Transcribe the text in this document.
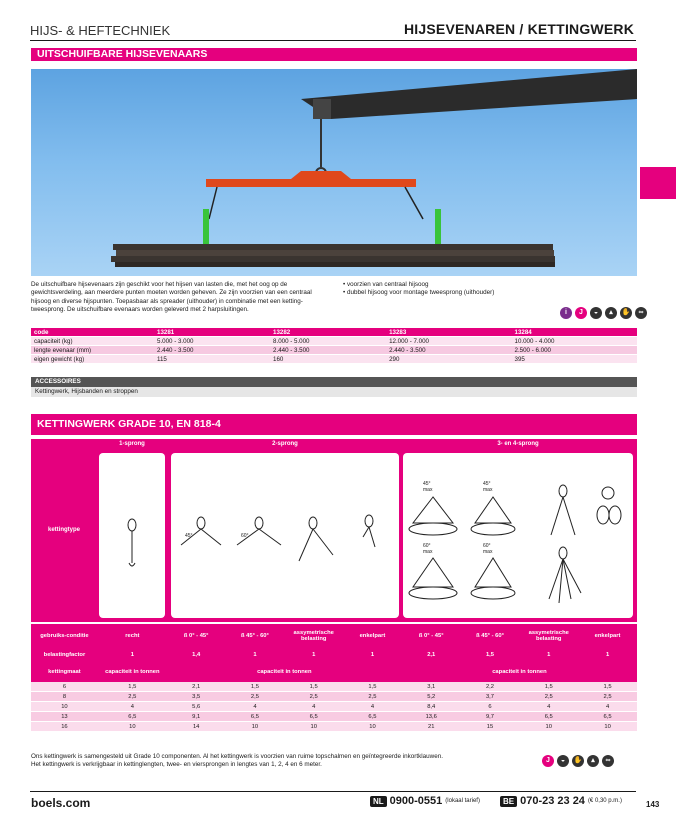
HIJS- & HEFTECHNIEK	HIJSEVENAREN / KETTINGWERK
UITSCHUIFBARE HIJSEVENAARS
De uitschuifbare hijsevenaars zijn geschikt voor het hijsen van lasten die, met het oog op de gewichtsverdeling, aan meerdere punten moeten worden geheven. Ze zijn voorzien van een centraal hijsoog en diverse hijspunten. Toepasbaar als spreader (uithouder) in combinatie met een ketting-tweesprong. De uitschuifbare evenaars worden geleverd met 2 harpsluitingen.
• voorzien van centraal hijsoog
• dubbel hijsoog voor montage tweesprong (uithouder)
i	J	◒	▴	✋	∞
code	13281	13282	13283	13284
capaciteit (kg)	5.000 - 3.000	8.000 - 5.000	12.000 - 7.000	10.000 - 4.000
lengte evenaar (mm)	2.440 - 3.500	2.440 - 3.500	2.440 - 3.500	2.500 - 6.000
eigen gewicht (kg)	115	160	290	395
ACCESSOIRES
Kettingwerk, Hijsbanden en stroppen
KETTINGWERK GRADE 10, EN 818-4
kettingtype
1-sprong	2-sprong	3- en 4-sprong
45°	60°
45°
max
45°
max
60°
max
60°
max
gebruiks-conditie	recht	ß 0° - 45°	ß 45° - 60°	assymetrische belasting	enkelpart	ß 0° - 45°	ß 45° - 60°	assymetrische belasting	enkelpart
belastingfactor	1	1,4	1	1	1	2,1	1,5	1	1
kettingmaat	capaciteit in tonnen	capaciteit in tonnen				capaciteit in tonnen			
6	1,5	2,1	1,5	1,5	1,5	3,1	2,2	1,5	1,5
8	2,5	3,5	2,5	2,5	2,5	5,2	3,7	2,5	2,5
10	4	5,6	4	4	4	8,4	6	4	4
13	6,5	9,1	6,5	6,5	6,5	13,6	9,7	6,5	6,5
16	10	14	10	10	10	21	15	10	10
Ons kettingwerk is samengesteld uit Grade 10 componenten. Al het kettingwerk is voorzien van ruime topschalmen en geïntegreerde inkortklauwen. Het kettingwerk is verkrijgbaar in kettinglengten, twee- en viersprongen in lengtes van 1, 2, 4 en 6 meter.
J	◒	✋	▴	∞
boels.com	NL 0900-0551 (lokaal tarief)	BE 070-23 23 24 (€ 0,30 p.m.)	143
